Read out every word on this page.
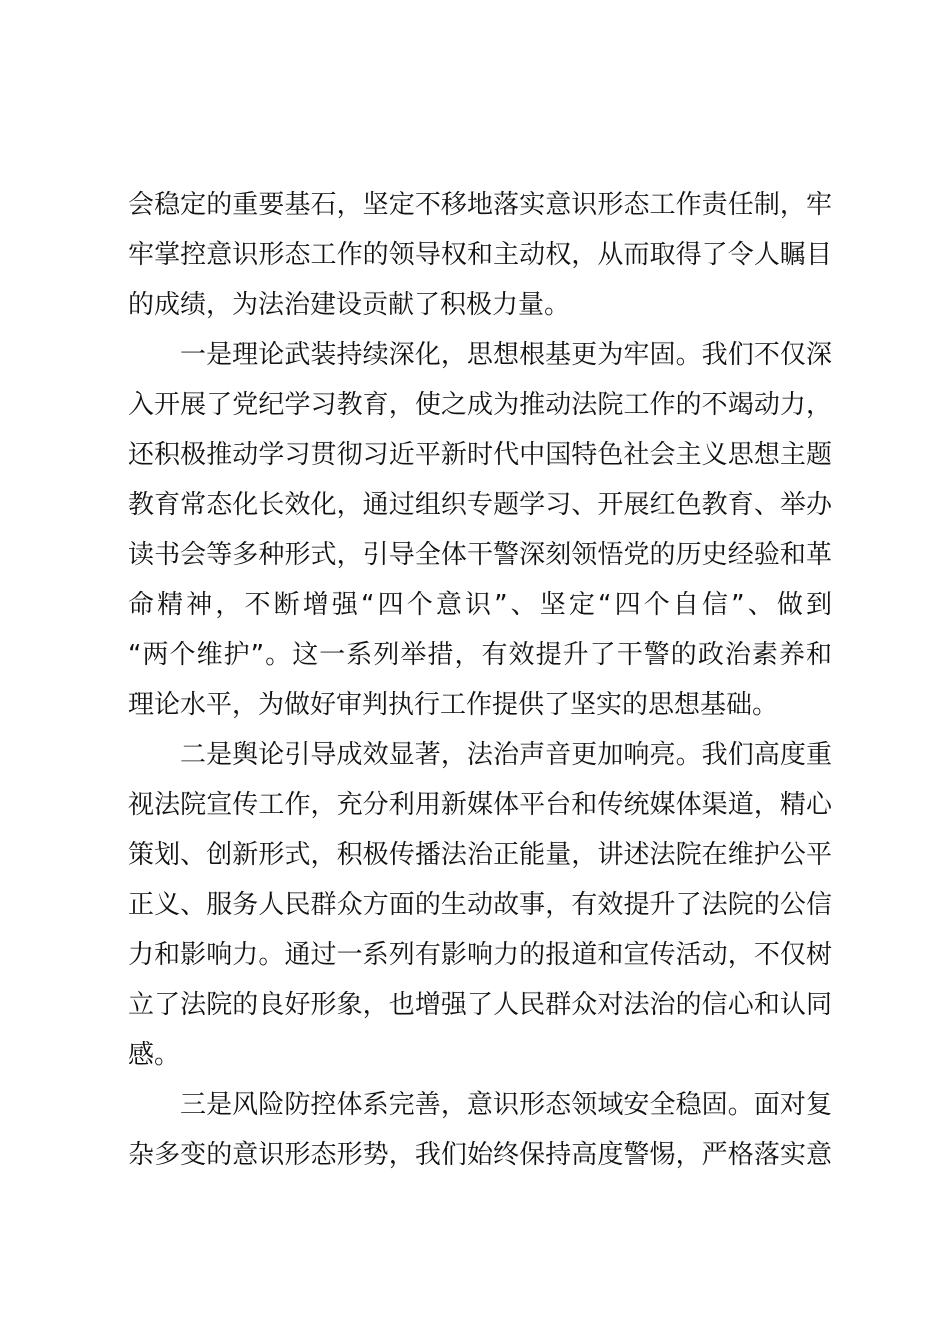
会稳定的重要基石，坚定不移地落实意识形态工作责任制，牢
牢掌控意识形态工作的领导权和主动权，从而取得了令人瞩目
的成绩，为法治建设贡献了积极力量。
一是理论武装持续深化，思想根基更为牢固。我们不仅深
入开展了党纪学习教育，使之成为推动法院工作的不竭动力，
还积极推动学习贯彻习近平新时代中国特色社会主义思想主题
教育常态化长效化，通过组织专题学习、开展红色教育、举办
读书会等多种形式，引导全体干警深刻领悟党的历史经验和革
命精神，不断增强“四个意识”、坚定“四个自信”、做到
“两个维护”。这一系列举措，有效提升了干警的政治素养和
理论水平，为做好审判执行工作提供了坚实的思想基础。
二是舆论引导成效显著，法治声音更加响亮。我们高度重
视法院宣传工作，充分利用新媒体平台和传统媒体渠道，精心
策划、创新形式，积极传播法治正能量，讲述法院在维护公平
正义、服务人民群众方面的生动故事，有效提升了法院的公信
力和影响力。通过一系列有影响力的报道和宣传活动，不仅树
立了法院的良好形象，也增强了人民群众对法治的信心和认同
感。
三是风险防控体系完善，意识形态领域安全稳固。面对复
杂多变的意识形态形势，我们始终保持高度警惕，严格落实意
